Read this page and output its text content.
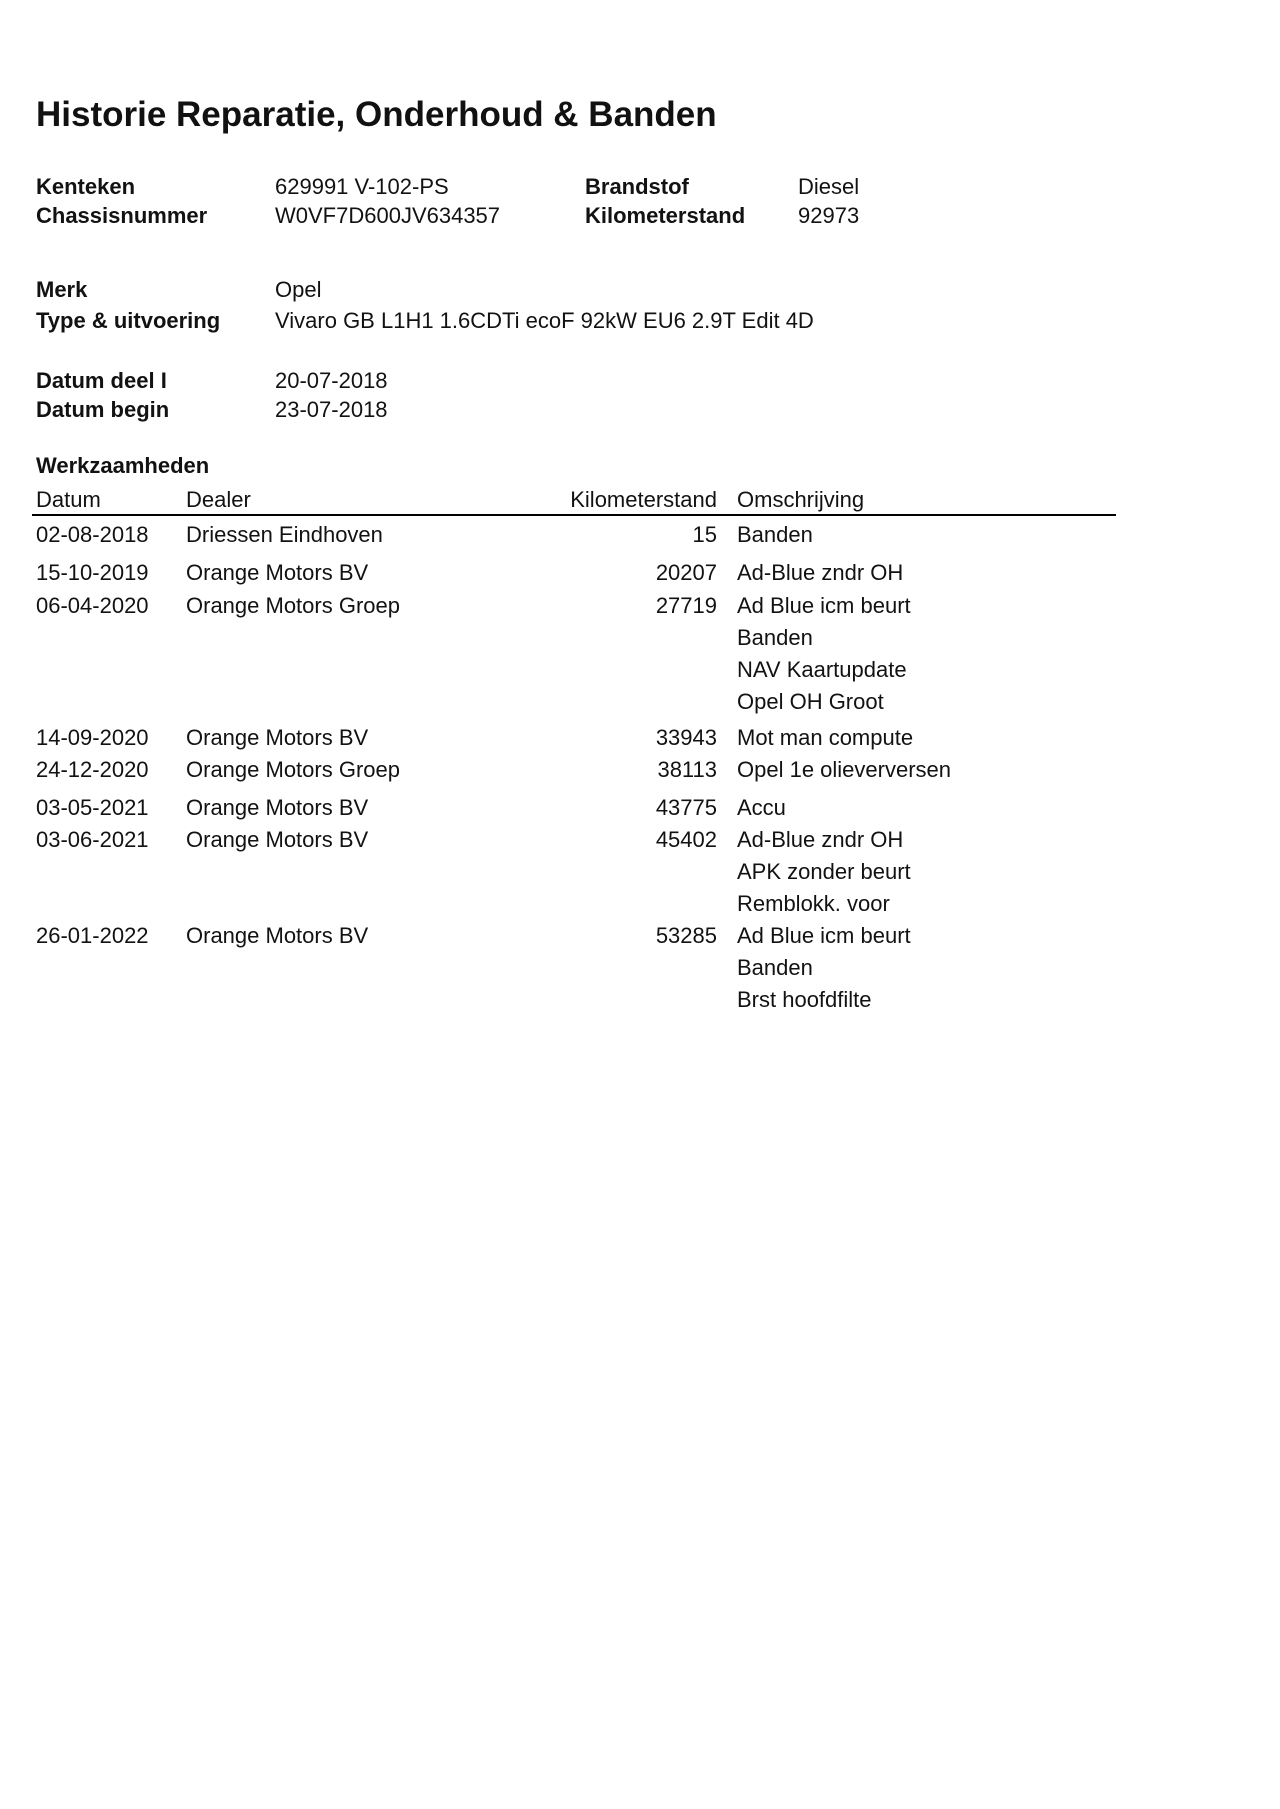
Historie Reparatie, Onderhoud & Banden
Kenteken	629991 V-102-PS	Brandstof	Diesel
Chassisnummer	W0VF7D600JV634357	Kilometerstand 92973
Merk	Opel
Type & uitvoering Vivaro GB L1H1 1.6CDTi ecoF 92kW EU6 2.9T Edit 4D
Datum deel I	20-07-2018
Datum begin	23-07-2018
Werkzaamheden
Datum	Dealer	Kilometerstand Omschrijving
02-08-2018 Driessen Eindhoven	15 Banden
15-10-2019 Orange Motors BV	20207 Ad-Blue zndr OH
06-04-2020 Orange Motors Groep	27719 Ad Blue icm beurt
Banden
NAV Kaartupdate
Opel OH Groot
14-09-2020 Orange Motors BV	33943 Mot man compute
24-12-2020 Orange Motors Groep	38113 Opel 1e olieverversen
03-05-2021 Orange Motors BV	43775 Accu
03-06-2021 Orange Motors BV	45402 Ad-Blue zndr OH
APK zonder beurt
Remblokk. voor
26-01-2022 Orange Motors BV	53285 Ad Blue icm beurt
Banden
Brst hoofdfilte
